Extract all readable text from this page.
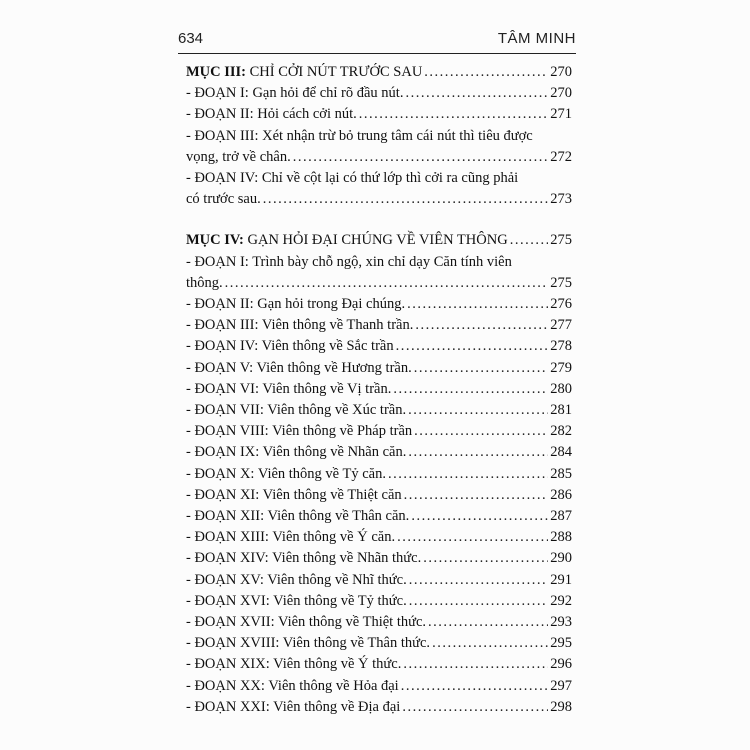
634	TÂM MINH
MỤC III: CHỈ CỞI NÚT TRƯỚC SAU .....	270
- ĐOẠN I: Gạn hỏi để chỉ rõ đầu nút. .....	270
- ĐOẠN II: Hỏi cách cởi nút. .....	271
- ĐOẠN III: Xét nhận trừ bỏ trung tâm cái nút thì tiêu được
vọng, trở về chân. .....	272
- ĐOẠN IV: Chỉ về cột lại có thứ lớp thì cởi ra cũng phải
có trước sau. .....	273
MỤC IV: GẠN HỎI ĐẠI CHÚNG VỀ VIÊN THÔNG .....	275
- ĐOẠN I: Trình bày chỗ ngộ, xin chỉ dạy Căn tính viên
thông. .....	275
- ĐOẠN II: Gạn hỏi trong Đại chúng. .....	276
- ĐOẠN III: Viên thông về Thanh trần. .....	277
- ĐOẠN IV: Viên thông về Sắc trần .....	278
- ĐOẠN V: Viên thông về Hương trần. .....	279
- ĐOẠN VI: Viên thông về Vị trần. .....	280
- ĐOẠN VII: Viên thông về Xúc trần. .....	281
- ĐOẠN VIII: Viên thông về Pháp trần .....	282
- ĐOẠN IX: Viên thông về Nhãn căn. .....	284
- ĐOẠN X: Viên thông về Tỷ căn. .....	285
- ĐOẠN XI: Viên thông về Thiệt căn .....	286
- ĐOẠN XII: Viên thông về Thân căn. .....	287
- ĐOẠN XIII: Viên thông về Ý căn. .....	288
- ĐOẠN XIV: Viên thông về Nhãn thức. .....	290
- ĐOẠN XV: Viên thông về Nhĩ thức. .....	291
- ĐOẠN XVI: Viên thông về Tỷ thức. .....	292
- ĐOẠN XVII: Viên thông về Thiệt thức. .....	293
- ĐOẠN XVIII: Viên thông về Thân thức. .....	295
- ĐOẠN XIX: Viên thông về Ý thức. .....	296
- ĐOẠN XX: Viên thông về Hỏa đại .....	297
- ĐOẠN XXI: Viên thông về Địa đại .....	298
